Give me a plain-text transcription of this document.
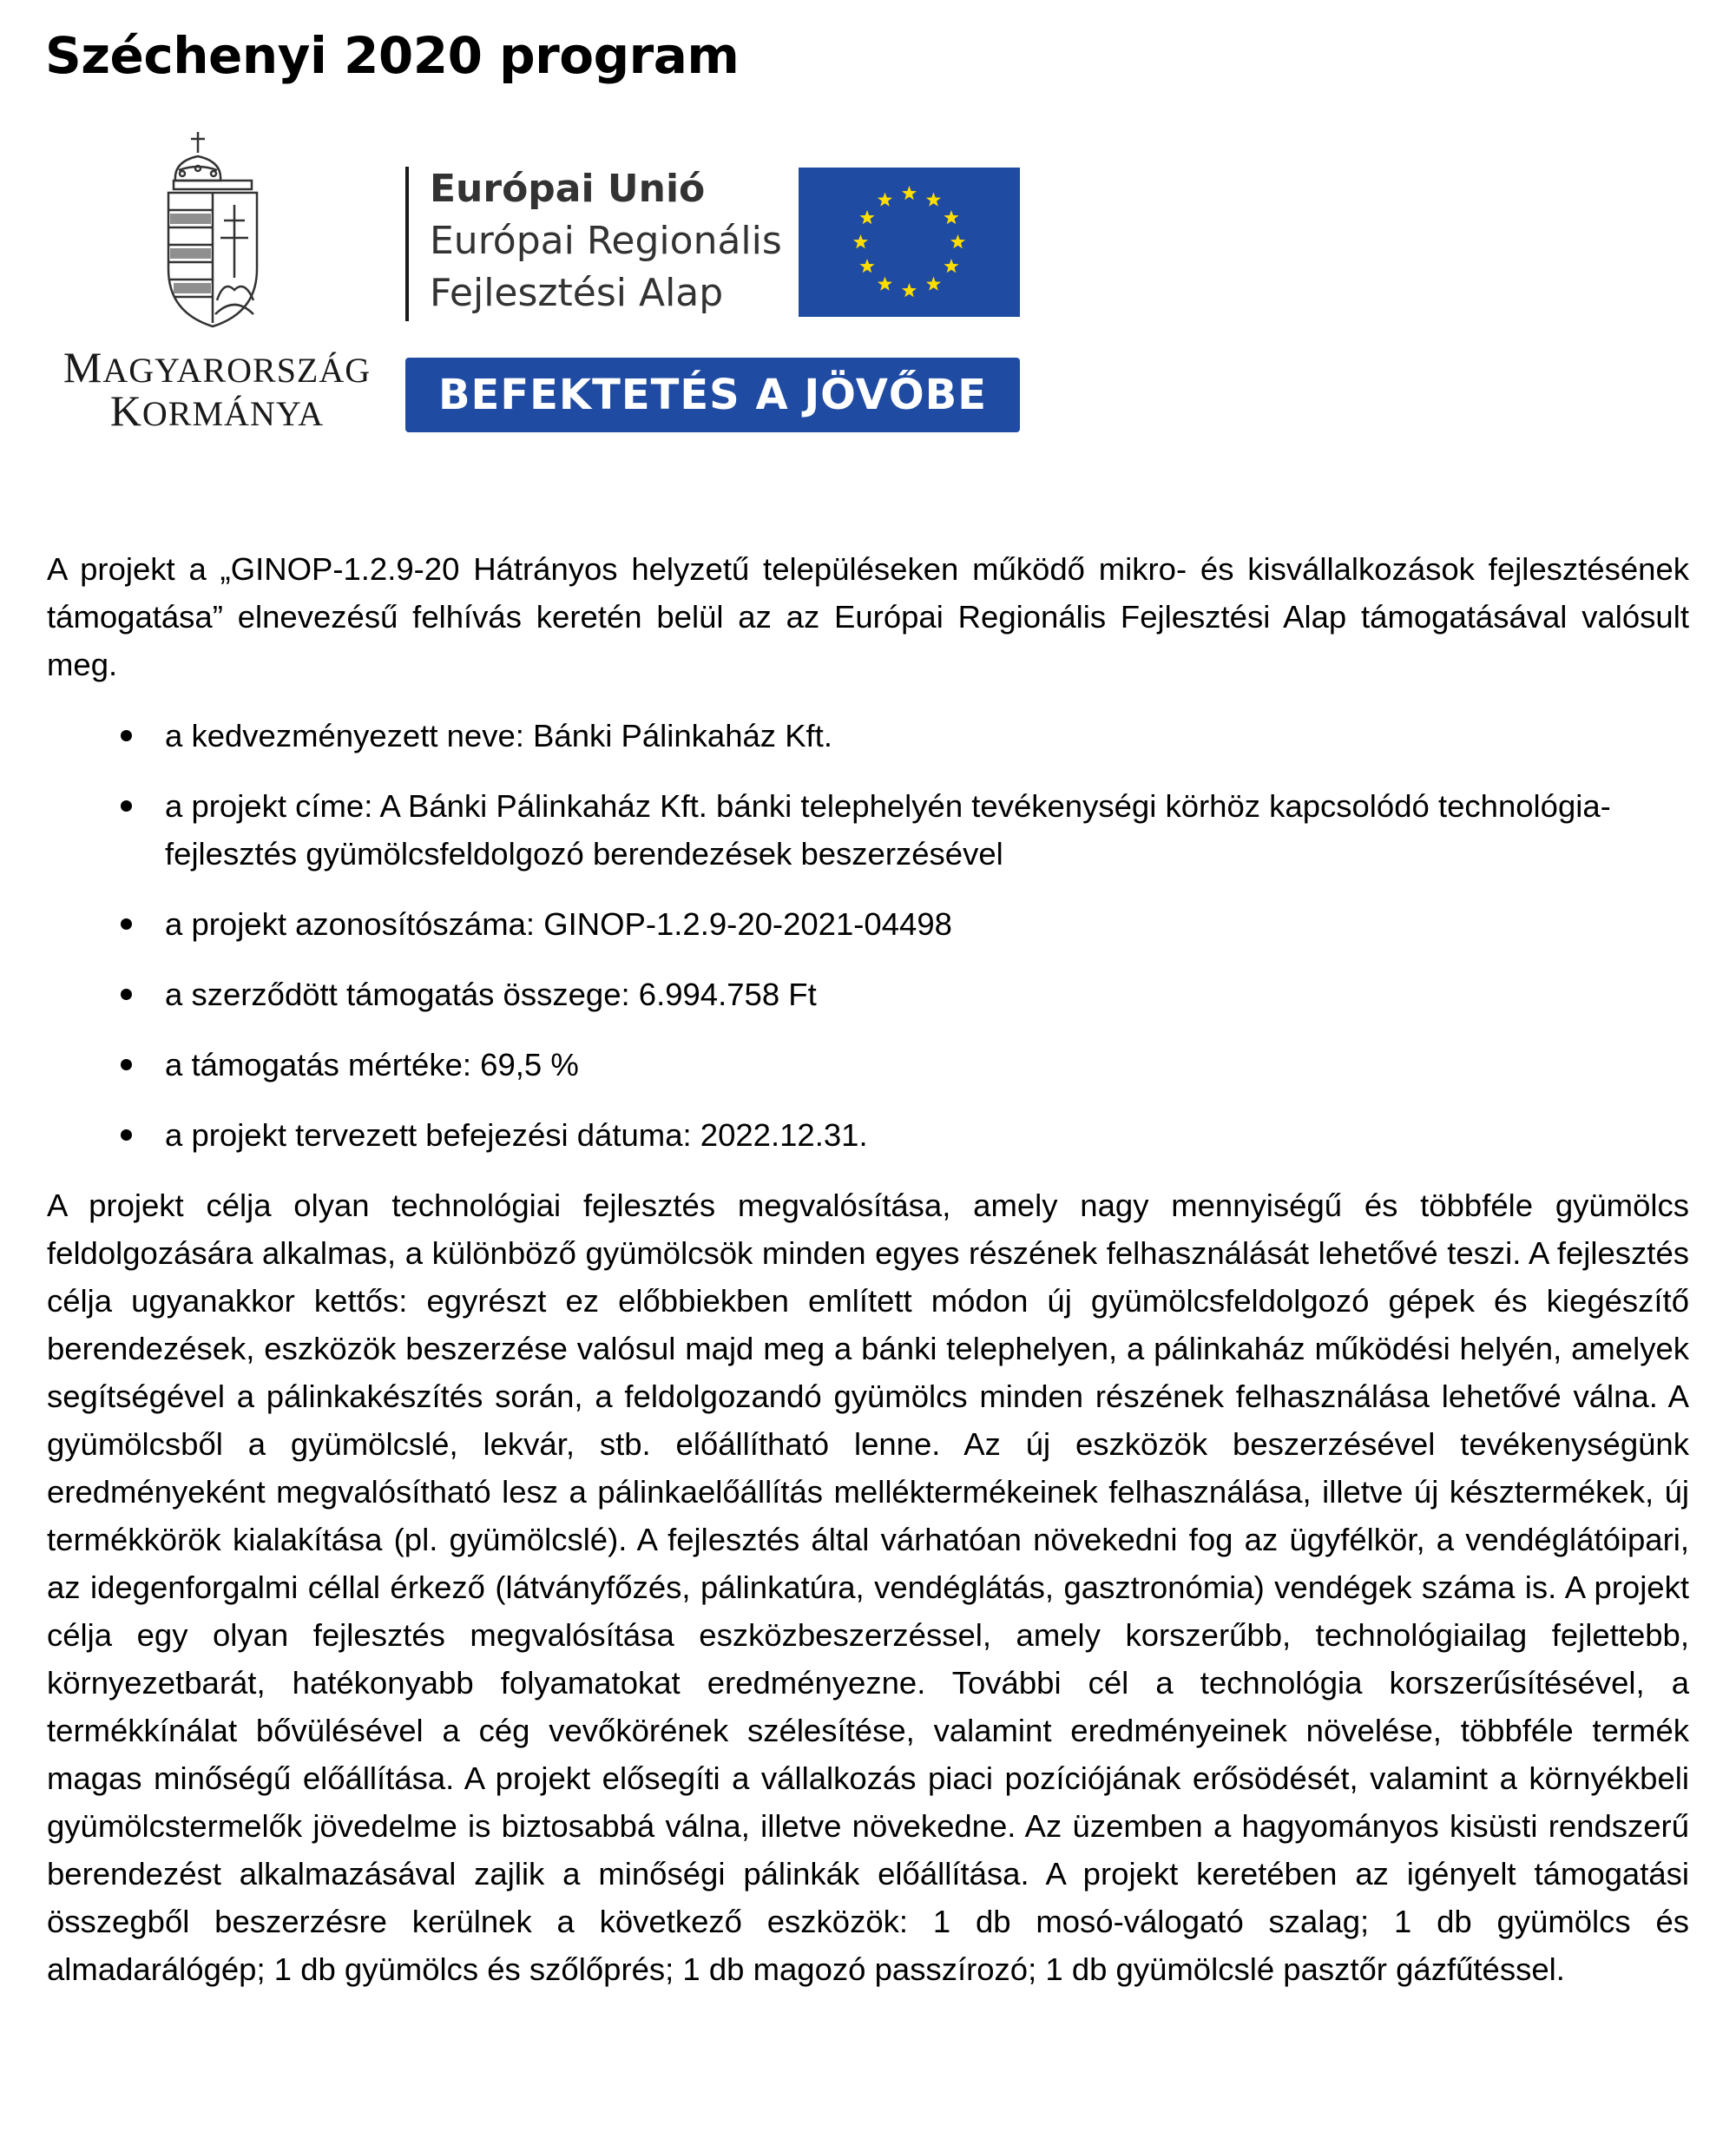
Széchenyi 2020 program
MAGYARORSZÁG
KORMÁNYA
Európai Unió
Európai Regionális
Fejlesztési Alap
BEFEKTETÉS A JÖVŐBE

A projekt a „GINOP-1.2.9-20 Hátrányos helyzetű településeken működő mikro- és kisvállalkozások fejlesztésének támogatása” elnevezésű felhívás keretén belül az az Európai Regionális Fejlesztési Alap támogatásával valósult meg.

a kedvezményezett neve: Bánki Pálinkaház Kft.
a projekt címe: A Bánki Pálinkaház Kft. bánki telephelyén tevékenységi körhöz kapcsolódó technológia-fejlesztés gyümölcsfeldolgozó berendezések beszerzésével
a projekt azonosítószáma: GINOP-1.2.9-20-2021-04498
a szerződött támogatás összege: 6.994.758 Ft
a támogatás mértéke: 69,5 %
a projekt tervezett befejezési dátuma: 2022.12.31.

A projekt célja olyan technológiai fejlesztés megvalósítása, amely nagy mennyiségű és többféle gyümölcs feldolgozására alkalmas, a különböző gyümölcsök minden egyes részének felhasználását lehetővé teszi. A fejlesztés célja ugyanakkor kettős: egyrészt ez előbbiekben említett módon új gyümölcsfeldolgozó gépek és kiegészítő berendezések, eszközök beszerzése valósul majd meg a bánki telephelyen, a pálinkaház működési helyén, amelyek segítségével a pálinkakészítés során, a feldolgozandó gyümölcs minden részének felhasználása lehetővé válna. A gyümölcsből a gyümölcslé, lekvár, stb. előállítható lenne. Az új eszközök beszerzésével tevékenységünk eredményeként megvalósítható lesz a pálinkaelőállítás melléktermékeinek felhasználása, illetve új késztermékek, új termékkörök kialakítása (pl. gyümölcslé). A fejlesztés által várhatóan növekedni fog az ügyfélkör, a vendéglátóipari, az idegenforgalmi céllal érkező (látványfőzés, pálinkatúra, vendéglátás, gasztronómia) vendégek száma is. A projekt célja egy olyan fejlesztés megvalósítása eszközbeszerzéssel, amely korszerűbb, technológiailag fejlettebb, környezetbarát, hatékonyabb folyamatokat eredményezne. További cél a technológia korszerűsítésével, a termékkínálat bővülésével a cég vevőkörének szélesítése, valamint eredményeinek növelése, többféle termék magas minőségű előállítása. A projekt elősegíti a vállalkozás piaci pozíciójának erősödését, valamint a környékbeli gyümölcstermelők jövedelme is biztosabbá válna, illetve növekedne. Az üzemben a hagyományos kisüsti rendszerű berendezést alkalmazásával zajlik a minőségi pálinkák előállítása. A projekt keretében az igényelt támogatási összegből beszerzésre kerülnek a következő eszközök: 1 db mosó-válogató szalag; 1 db gyümölcs és almadarálógép; 1 db gyümölcs és szőlőprés; 1 db magozó passzírozó; 1 db gyümölcslé pasztőr gázfűtéssel.
